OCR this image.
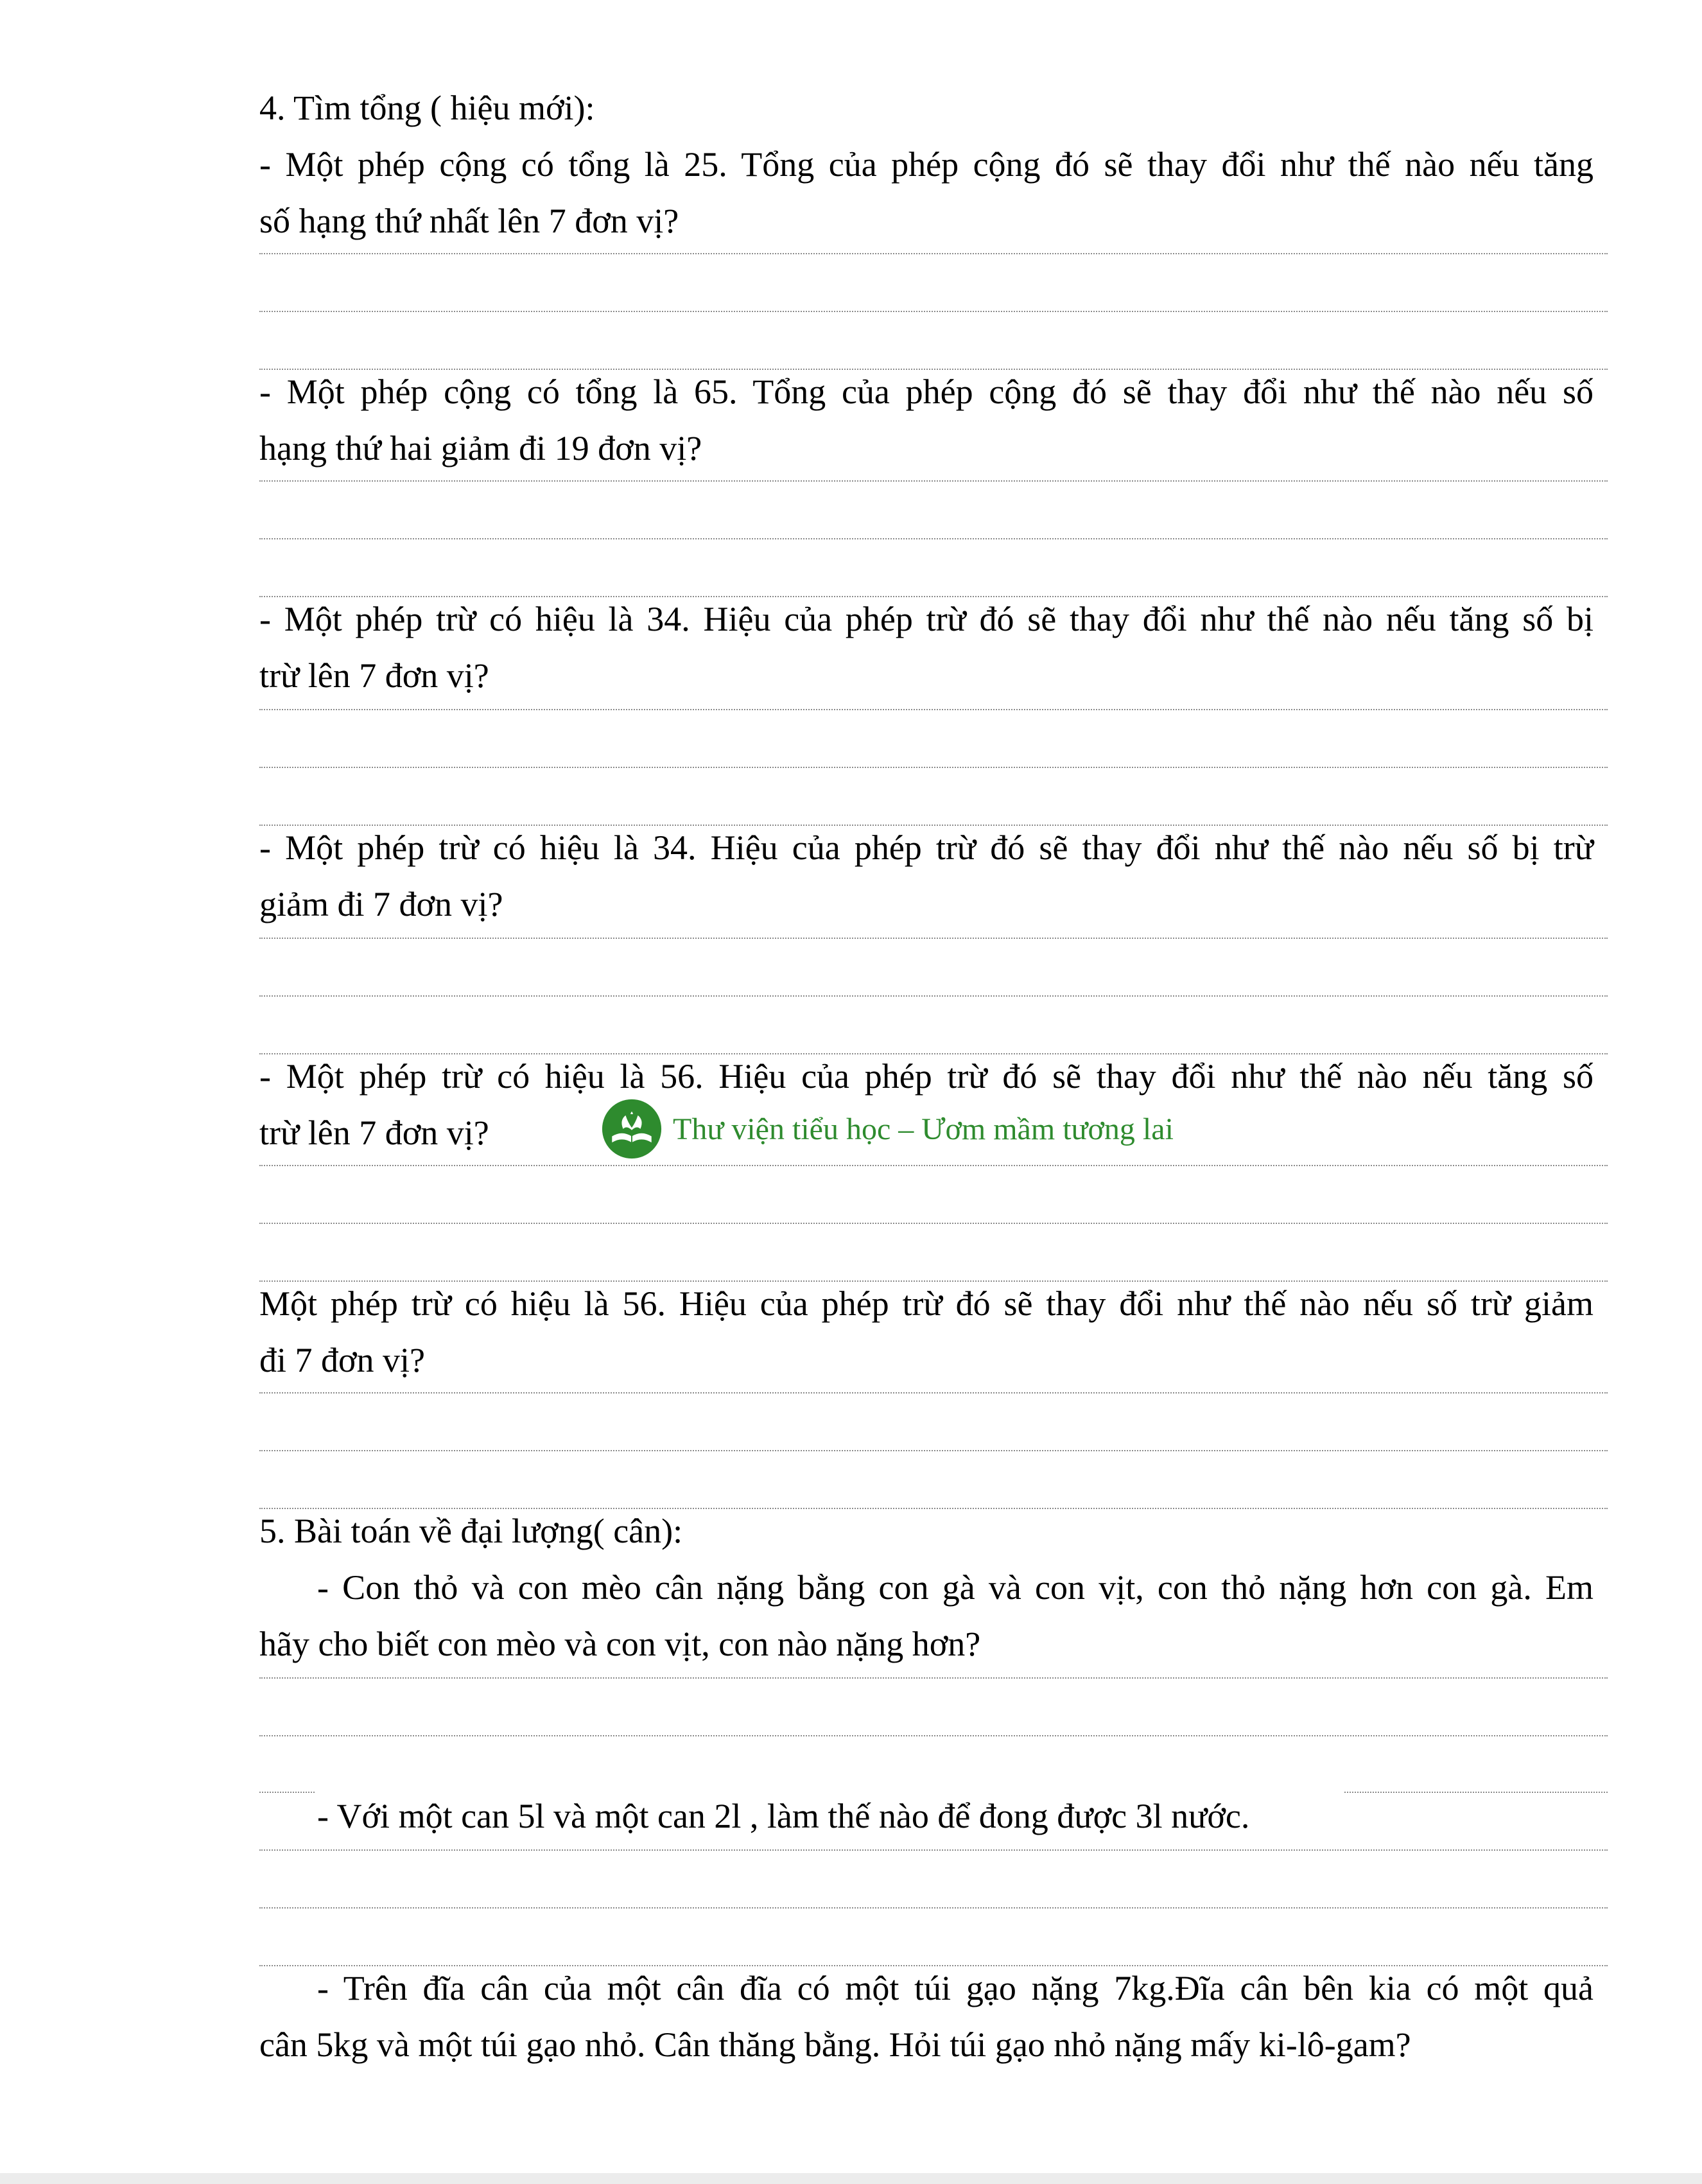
4. Tìm tổng ( hiệu mới):

- Một phép cộng có tổng là 25. Tổng của phép cộng đó sẽ thay đổi như thế nào nếu tăng

số hạng thứ nhất lên 7 đơn vị?

- Một phép cộng có tổng là 65. Tổng của phép cộng đó sẽ thay đổi như thế nào nếu số

hạng thứ hai giảm đi 19 đơn vị?

- Một phép trừ có hiệu là 34. Hiệu của phép trừ đó sẽ thay đổi như thế nào nếu tăng số bị

trừ lên 7 đơn vị?

- Một phép trừ có hiệu là 34. Hiệu của phép trừ đó sẽ thay đổi như thế nào nếu số bị trừ

giảm đi 7 đơn vị?

- Một phép trừ có hiệu là 56. Hiệu của phép trừ đó sẽ thay đổi như thế nào nếu tăng số

trừ lên 7 đơn vị?	Thư viện tiểu học – Ươm mầm tương lai

Một phép trừ có hiệu là 56. Hiệu của phép trừ đó sẽ thay đổi như thế nào nếu số trừ giảm

đi 7 đơn vị?

5. Bài toán về đại lượng( cân):

- Con thỏ và con mèo cân nặng bằng con gà và con vịt, con thỏ nặng hơn con gà. Em

hãy cho biết con mèo và con vịt, con nào nặng hơn?

- Với một can 5l và một can 2l , làm thế nào để đong được 3l nước.

- Trên đĩa cân của một cân đĩa có một túi gạo nặng 7kg.Đĩa cân bên kia có một quả

cân 5kg và một túi gạo nhỏ. Cân thăng bằng. Hỏi túi gạo nhỏ nặng mấy ki-lô-gam?
